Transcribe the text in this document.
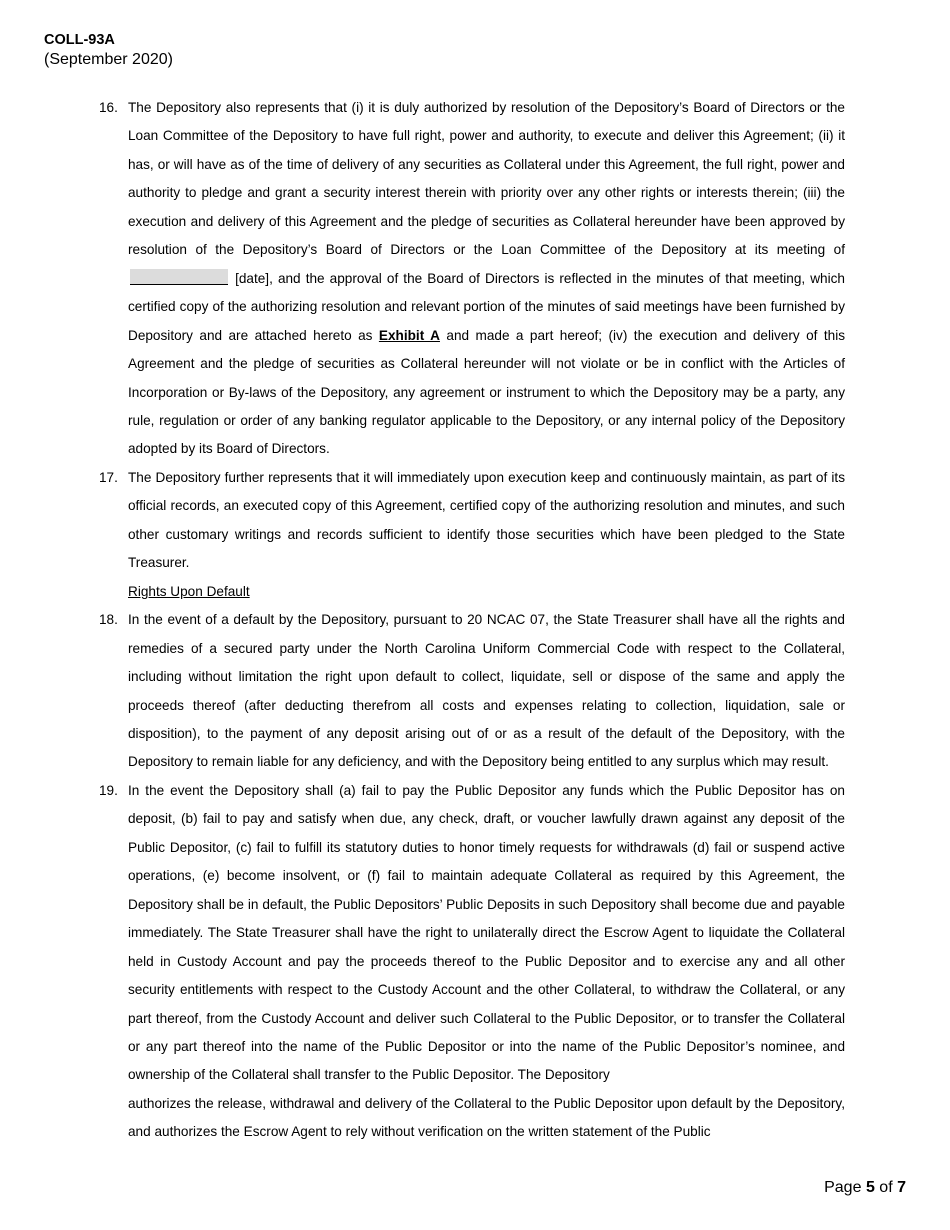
COLL-93A
(September 2020)
16. The Depository also represents that (i) it is duly authorized by resolution of the Depository’s Board of Directors or the Loan Committee of the Depository to have full right, power and authority, to execute and deliver this Agreement; (ii) it has, or will have as of the time of delivery of any securities as Collateral under this Agreement, the full right, power and authority to pledge and grant a security interest therein with priority over any other rights or interests therein; (iii) the execution and delivery of this Agreement and the pledge of securities as Collateral hereunder have been approved by resolution of the Depository’s Board of Directors or the Loan Committee of the Depository at its meeting of  [date], and the approval of the Board of Directors is reflected in the minutes of that meeting, which certified copy of the authorizing resolution and relevant portion of the minutes of said meetings have been furnished by Depository and are attached hereto as Exhibit A and made a part hereof; (iv) the execution and delivery of this Agreement and the pledge of securities as Collateral hereunder will not violate or be in conflict with the Articles of Incorporation or By-laws of the Depository, any agreement or instrument to which the Depository may be a party, any rule, regulation or order of any banking regulator applicable to the Depository, or any internal policy of the Depository adopted by its Board of Directors.
17. The Depository further represents that it will immediately upon execution keep and continuously maintain, as part of its official records, an executed copy of this Agreement, certified copy of the authorizing resolution and minutes, and such other customary writings and records sufficient to identify those securities which have been pledged to the State Treasurer.
Rights Upon Default
18. In the event of a default by the Depository, pursuant to 20 NCAC 07, the State Treasurer shall have all the rights and remedies of a secured party under the North Carolina Uniform Commercial Code with respect to the Collateral, including without limitation the right upon default to collect, liquidate, sell or dispose of the same and apply the proceeds thereof (after deducting therefrom all costs and expenses relating to collection, liquidation, sale or disposition), to the payment of any deposit arising out of or as a result of the default of the Depository, with the Depository to remain liable for any deficiency, and with the Depository being entitled to any surplus which may result.
19. In the event the Depository shall (a) fail to pay the Public Depositor any funds which the Public Depositor has on deposit, (b) fail to pay and satisfy when due, any check, draft, or voucher lawfully drawn against any deposit of the Public Depositor, (c) fail to fulfill its statutory duties to honor timely requests for withdrawals (d) fail or suspend active operations, (e) become insolvent, or (f) fail to maintain adequate Collateral as required by this Agreement, the Depository shall be in default, the Public Depositors’ Public Deposits in such Depository shall become due and payable immediately. The State Treasurer shall have the right to unilaterally direct the Escrow Agent to liquidate the Collateral held in Custody Account and pay the proceeds thereof to the Public Depositor and to exercise any and all other security entitlements with respect to the Custody Account and the other Collateral, to withdraw the Collateral, or any part thereof, from the Custody Account and deliver such Collateral to the Public Depositor, or to transfer the Collateral or any part thereof into the name of the Public Depositor or into the name of the Public Depositor’s nominee, and ownership of the Collateral shall transfer to the Public Depositor. The Depository
authorizes the release, withdrawal and delivery of the Collateral to the Public Depositor upon default by the Depository, and authorizes the Escrow Agent to rely without verification on the written statement of the Public
Page 5 of 7
